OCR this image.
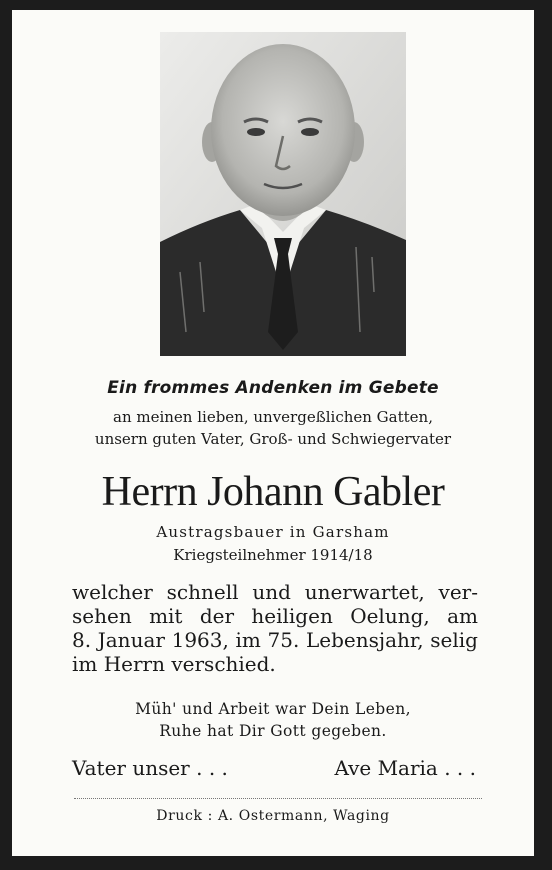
Ein frommes Andenken im Gebete
an meinen lieben, unvergeßlichen Gatten,
unsern guten Vater, Groß- und Schwiegervater
Herrn Johann Gabler
Austragsbauer in Garsham
Kriegsteilnehmer 1914/18
welcher schnell und unerwartet, ver-
sehen mit der heiligen Oelung, am
8. Januar 1963, im 75. Lebensjahr, selig
im Herrn verschied.
Müh' und Arbeit war Dein Leben,
Ruhe hat Dir Gott gegeben.
Vater unser . . .	Ave Maria . . .
Druck : A. Ostermann, Waging
